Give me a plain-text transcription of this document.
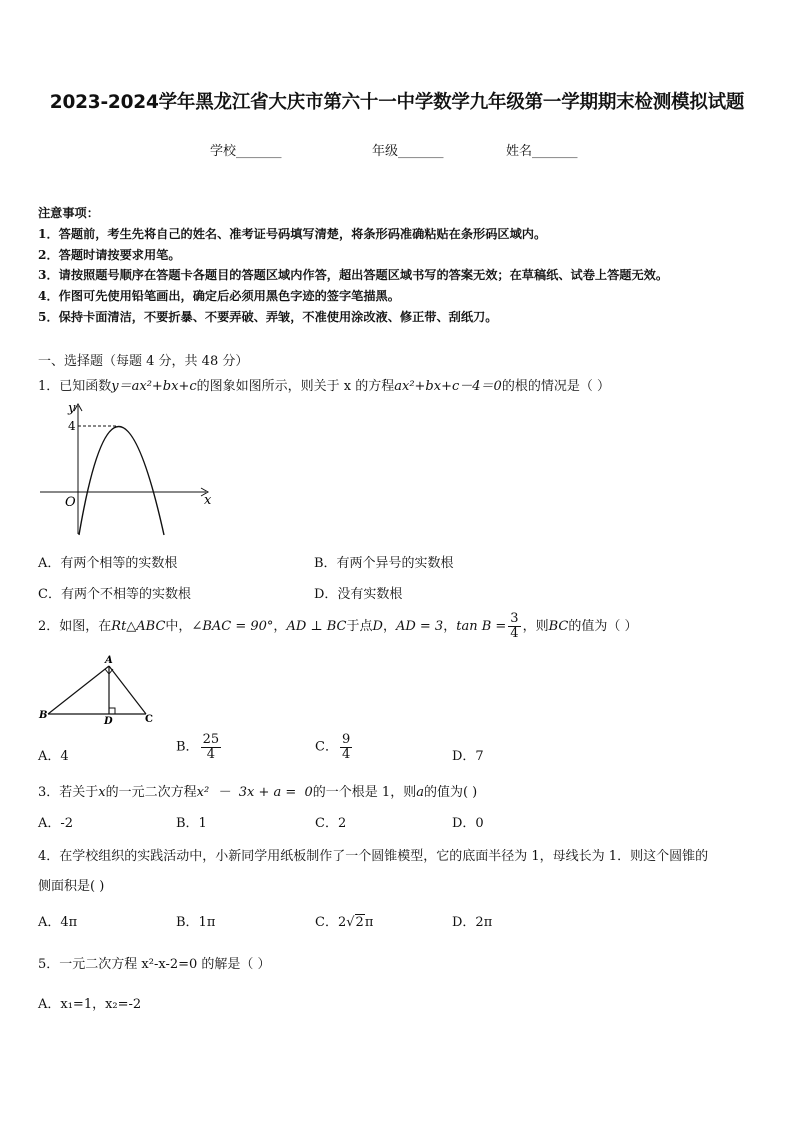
2023-2024学年黑龙江省大庆市第六十一中学数学九年级第一学期期末检测模拟试题
学校_______	年级_______	姓名_______
注意事项：
1．答题前，考生先将自己的姓名、准考证号码填写清楚，将条形码准确粘贴在条形码区域内。
2．答题时请按要求用笔。
3．请按照题号顺序在答题卡各题目的答题区域内作答，超出答题区域书写的答案无效；在草稿纸、试卷上答题无效。
4．作图可先使用铅笔画出，确定后必须用黑色字迹的签字笔描黑。
5．保持卡面清洁，不要折暴、不要弄破、弄皱，不准使用涂改液、修正带、刮纸刀。
一、选择题（每题 4 分，共 48 分）
1．已知函数y＝ax²+bx+c的图象如图所示，则关于 x 的方程ax²+bx+c－4＝0的根的情况是（ ）
4
y
x
O
A．有两个相等的实数根	B．有两个异号的实数根
C．有两个不相等的实数根	D．没有实数根
2．如图，在Rt△ABC中，∠BAC = 90°，AD ⊥ BC于点D，AD = 3，$\tan B = \frac{3}{4}$ ，则BC的值为（ ）
A
B	C
D
A．4
B． $\frac{25}{4}$	C． $\frac{9}{4}$	D．7
3．若关于x的一元二次方程x²  －  3x + a =  0的一个根是 1，则a的值为( )
A．-2	B．1	C．2	D．0
4．在学校组织的实践活动中，小新同学用纸板制作了一个圆锥模型，它的底面半径为 1，母线长为 1．则这个圆锥的
侧面积是( )
A．4π	B．1π	C．2√2π	D．2π
5．一元二次方程 x²-x-2=0 的解是（ ）
A．x₁=1，x₂=-2
